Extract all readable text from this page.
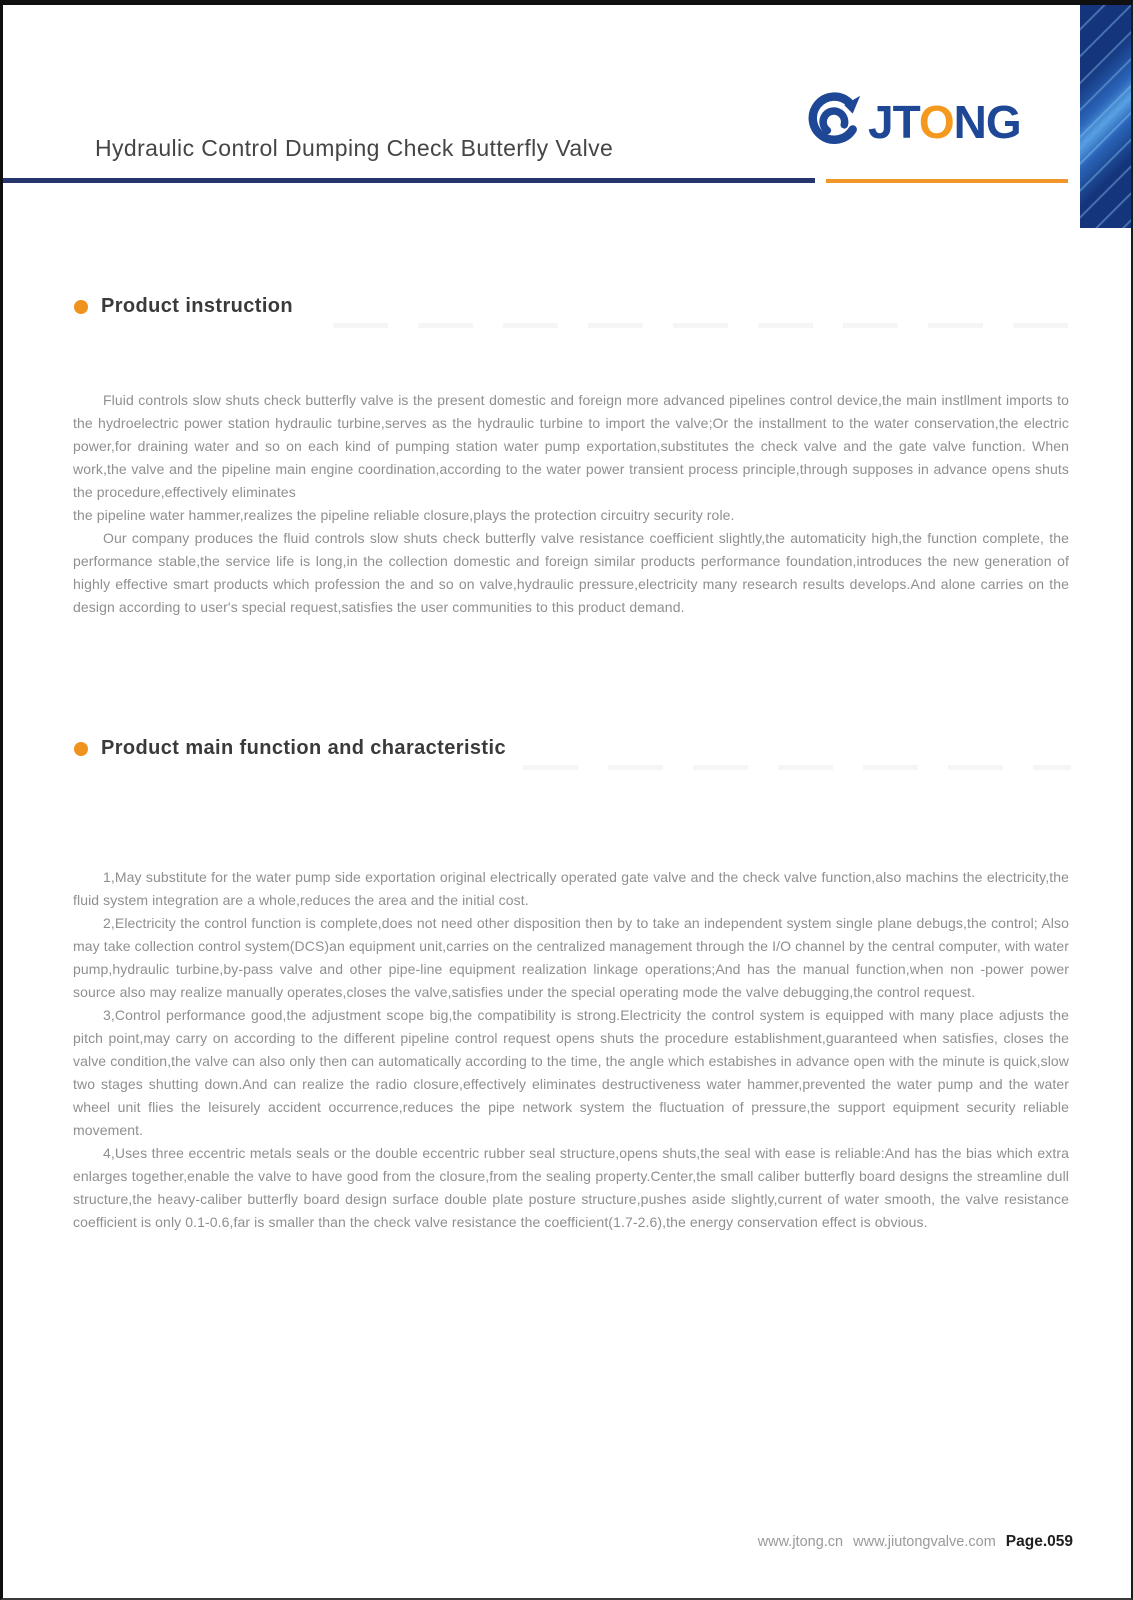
Hydraulic Control Dumping Check Butterfly Valve	JTONG
Product instruction

Fluid controls slow shuts check butterfly valve is the present domestic and foreign more advanced pipelines control device,the main instllment imports to the hydroelectric power station hydraulic turbine,serves as the hydraulic turbine to import the valve;Or the installment to the water conservation,the electric power,for draining water and so on each kind of pumping station water pump exportation,substitutes the check valve and the gate valve function. When work,the valve and the pipeline main engine coordination,according to the water power transient process principle,through supposes in advance opens shuts the procedure,effectively eliminates

the pipeline water hammer,realizes the pipeline reliable closure,plays the protection circuitry security role.

Our company produces the fluid controls slow shuts check butterfly valve resistance coefficient slightly,the automaticity high,the function complete, the performance stable,the service life is long,in the collection domestic and foreign similar products performance foundation,introduces the new generation of highly effective smart products which profession the and so on valve,hydraulic pressure,electricity many research results develops.And alone carries on the design according to user's special request,satisfies the user communities to this product demand.

Product main function and characteristic

1,May substitute for the water pump side exportation original electrically operated gate valve and the check valve function,also machins the electricity,the fluid system integration are a whole,reduces the area and the initial cost.

2,Electricity the control function is complete,does not need other disposition then by to take an independent system single plane debugs,the control; Also may take collection control system(DCS)an equipment unit,carries on the centralized management through the I/O channel by the central computer, with water pump,hydraulic turbine,by-pass valve and other pipe-line equipment realization linkage operations;And has the manual function,when non -power power source also may realize manually operates,closes the valve,satisfies under the special operating mode the valve debugging,the control request.

3,Control performance good,the adjustment scope big,the compatibility is strong.Electricity the control system is equipped with many place adjusts the pitch point,may carry on according to the different pipeline control request opens shuts the procedure establishment,guaranteed when satisfies, closes the valve condition,the valve can also only then can automatically according to the time, the angle which estabishes in advance open with the minute is quick,slow two stages shutting down.And can realize the radio closure,effectively eliminates destructiveness water hammer,prevented the water pump and the water wheel unit flies the leisurely accident occurrence,reduces the pipe network system the fluctuation of pressure,the support equipment security reliable movement.

4,Uses three eccentric metals seals or the double eccentric rubber seal structure,opens shuts,the seal with ease is reliable:And has the bias which extra enlarges together,enable the valve to have good from the closure,from the sealing property.Center,the small caliber butterfly board designs the streamline dull structure,the heavy-caliber butterfly board design surface double plate posture structure,pushes aside slightly,current of water smooth, the valve resistance coefficient is only 0.1-0.6,far is smaller than the check valve resistance the coefficient(1.7-2.6),the energy conservation effect is obvious.

www.jtong.cn www.jiutongvalve.com Page.059
